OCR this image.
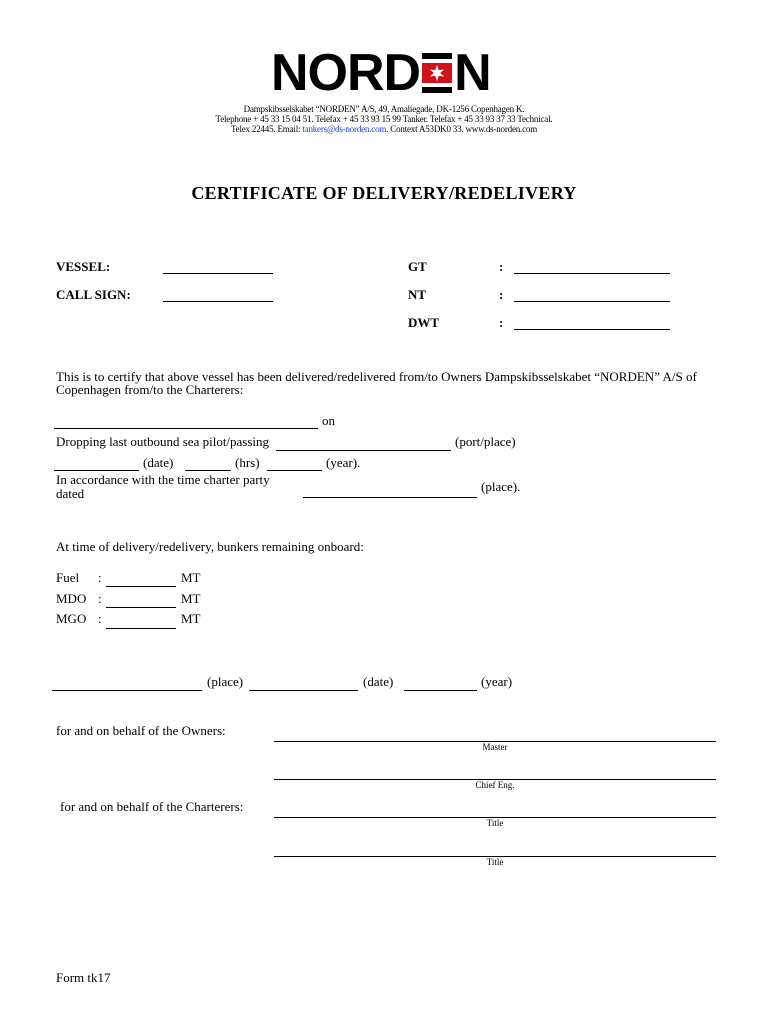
NORD N
Dampskibsselskabet “NORDEN” A/S, 49, Amaliegade, DK-1256 Copenhagen K.
Telephone + 45 33 15 04 51. Telefax + 45 33 93 15 99 Tanker. Telefax + 45 33 93 37 33 Technical.
Telex 22445. Email: tankers@ds-norden.com. Context A53DK0 33. www.ds-norden.com
CERTIFICATE OF DELIVERY/REDELIVERY
VESSEL:
CALL SIGN:
GT	:
NT	:
DWT	:
This is to certify that above vessel has been delivered/redelivered from/to Owners Dampskibsselskabet “NORDEN” A/S of
Copenhagen from/to the Charterers:
on
Dropping last outbound sea pilot/passing	(port/place)
(date)	(hrs)	(year).
In accordance with the time charter party
dated	(place).
At time of delivery/redelivery, bunkers remaining onboard:
Fuel :	MT
MDO :	MT
MGO :	MT
(place)	(date)	(year)
for and on behalf of the Owners:
Master
Chief Eng.
for and on behalf of the Charterers:
Title
Title
Form tk17
